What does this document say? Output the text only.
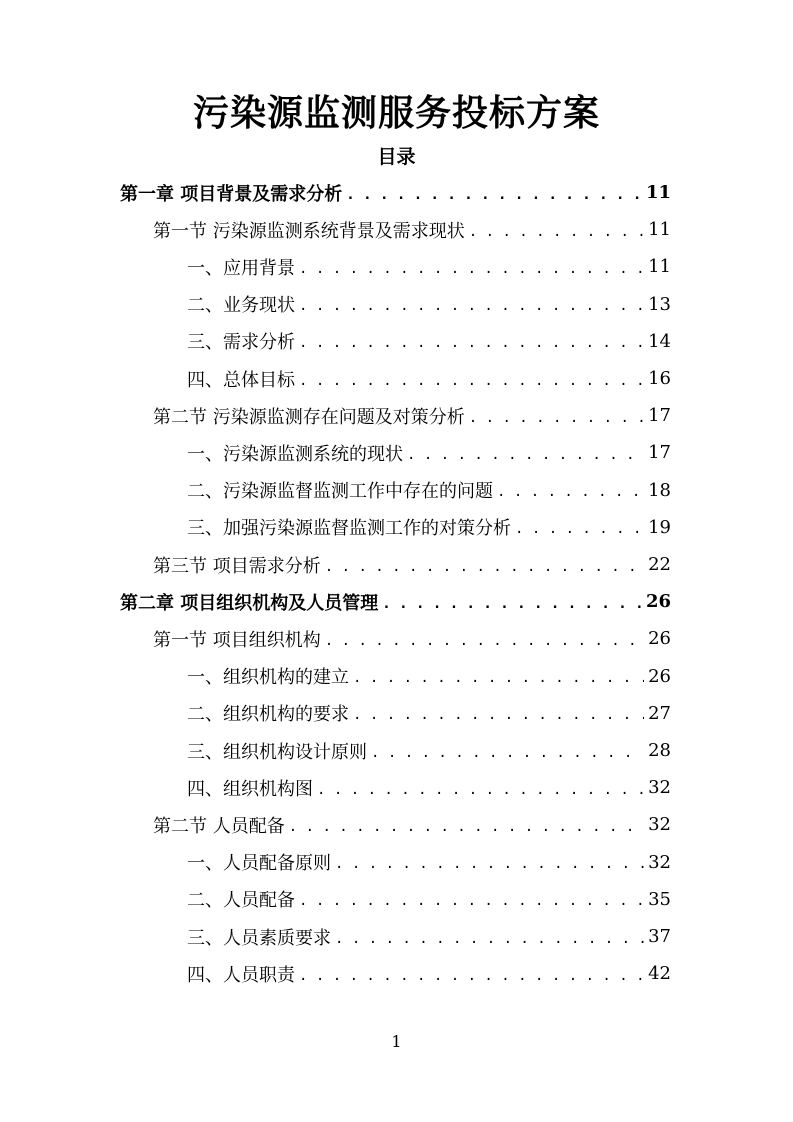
污染源监测服务投标方案
目录
第一章 项目背景及需求分析 . . .	11
第一节 污染源监测系统背景及需求现状 . . .	11
一、应用背景 . . .	11
二、业务现状 . . .	13
三、需求分析 . . .	14
四、总体目标 . . .	16
第二节 污染源监测存在问题及对策分析 . . .	17
一、污染源监测系统的现状 . . .	17
二、污染源监督监测工作中存在的问题 . . .	18
三、加强污染源监督监测工作的对策分析 . . .	19
第三节 项目需求分析 . . .	22
第二章 项目组织机构及人员管理 . . .	26
第一节 项目组织机构 . . .	26
一、组织机构的建立 . . .	26
二、组织机构的要求 . . .	27
三、组织机构设计原则 . . .	28
四、组织机构图 . . .	32
第二节 人员配备 . . .	32
一、人员配备原则 . . .	32
二、人员配备 . . .	35
三、人员素质要求 . . .	37
四、人员职责 . . .	42
1
